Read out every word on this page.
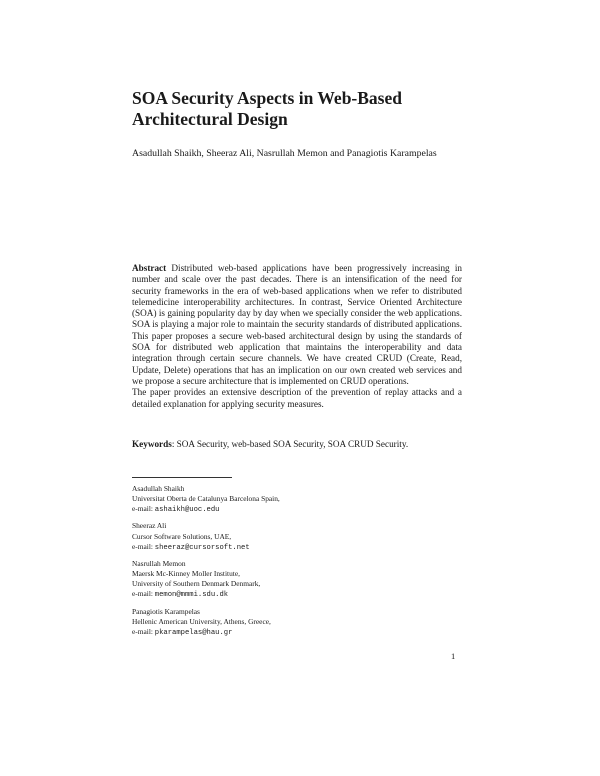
SOA Security Aspects in Web-Based
Architectural Design
Asadullah Shaikh, Sheeraz Ali, Nasrullah Memon and Panagiotis Karampelas

Abstract Distributed web-based applications have been progressively increasing in number and scale over the past decades. There is an intensification of the need for security frameworks in the era of web-based applications when we refer to distributed telemedicine interoperability architectures. In contrast, Service Oriented Architecture (SOA) is gaining popularity day by day when we specially consider the web applications. SOA is playing a major role to maintain the security standards of distributed applications. This paper proposes a secure web-based architectural design by using the standards of SOA for distributed web application that maintains the interoperability and data integration through certain secure channels. We have created CRUD (Create, Read, Update, Delete) operations that has an implication on our own created web services and we propose a secure architecture that is implemented on CRUD operations.

The paper provides an extensive description of the prevention of replay attacks and a detailed explanation for applying security measures.

Keywords: SOA Security, web-based SOA Security, SOA CRUD Security.
Asadullah Shaikh
Universitat Oberta de Catalunya Barcelona Spain,
e-mail: ashaikh@uoc.edu
Sheeraz Ali
Cursor Software Solutions, UAE,
e-mail: sheeraz@cursorsoft.net
Nasrullah Memon
Maersk Mc-Kinney Moller Institute,
University of Southern Denmark Denmark,
e-mail: memon@mmmi.sdu.dk
Panagiotis Karampelas
Hellenic American University, Athens, Greece,
e-mail: pkarampelas@hau.gr
1
